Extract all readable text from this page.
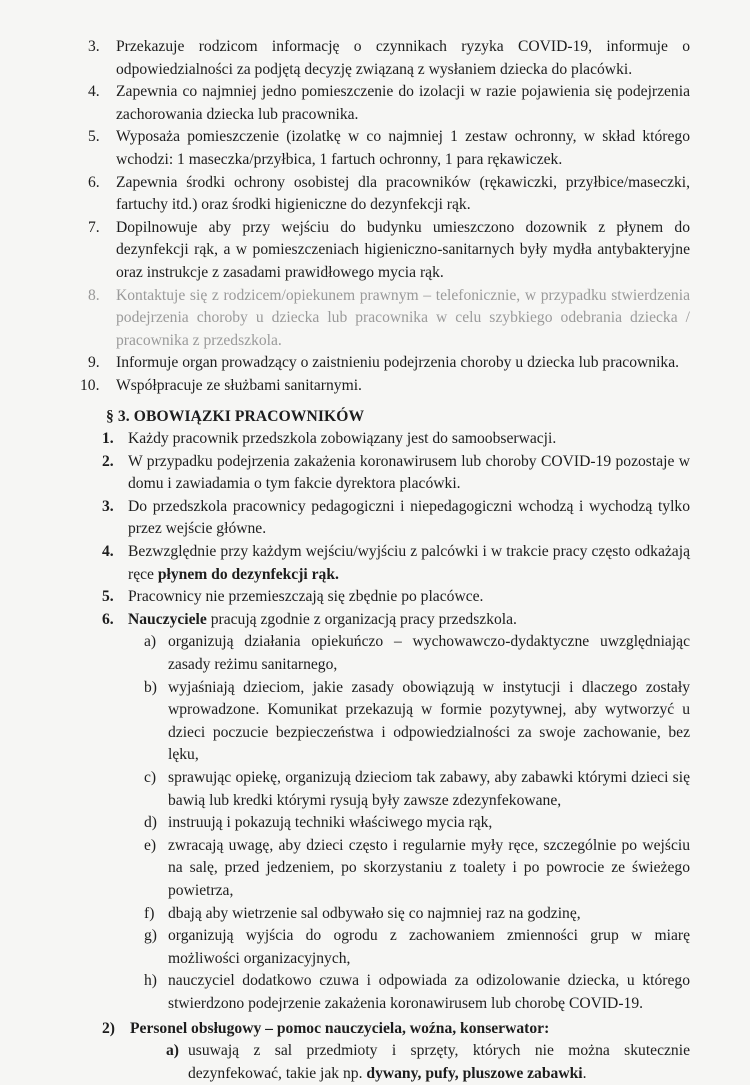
3.	Przekazuje rodzicom informację o czynnikach ryzyka COVID-19, informuje o odpowiedzialności za podjętą decyzję związaną z wysłaniem dziecka do placówki.
4.	Zapewnia co najmniej jedno pomieszczenie do izolacji w razie pojawienia się podejrzenia zachorowania dziecka lub pracownika.
5.	Wyposaża pomieszczenie (izolatkę w co najmniej 1 zestaw ochronny, w skład którego wchodzi: 1 maseczka/przyłbica, 1 fartuch ochronny, 1 para rękawiczek.
6.	Zapewnia środki ochrony osobistej dla pracowników (rękawiczki, przyłbice/maseczki, fartuchy itd.) oraz środki higieniczne do dezynfekcji rąk.
7.	Dopilnowuje aby przy wejściu do budynku umieszczono dozownik z płynem do dezynfekcji rąk, a w pomieszczeniach higieniczno-sanitarnych były mydła antybakteryjne oraz instrukcje z zasadami prawidłowego mycia rąk.
8.	Kontaktuje się z rodzicem/opiekunem prawnym – telefonicznie, w przypadku stwierdzenia podejrzenia choroby u dziecka lub pracownika w celu szybkiego odebrania dziecka / pracownika z przedszkola.
9.	Informuje organ prowadzący o zaistnieniu podejrzenia choroby u dziecka lub pracownika.
10.	Współpracuje ze służbami sanitarnymi.
§ 3. OBOWIĄZKI PRACOWNIKÓW
1. Każdy pracownik przedszkola zobowiązany jest do samoobserwacji.
2. W przypadku podejrzenia zakażenia koronawirusem lub choroby COVID-19 pozostaje w domu i zawiadamia o tym fakcie dyrektora placówki.
3. Do przedszkola pracownicy pedagogiczni i niepedagogiczni wchodzą i wychodzą tylko przez wejście główne.
4. Bezwzględnie przy każdym wejściu/wyjściu z palcówki i w trakcie pracy często odkażają ręce płynem do dezynfekcji rąk.
5. Pracownicy nie przemieszczają się zbędnie po placówce.
6. Nauczyciele pracują zgodnie z organizacją pracy przedszkola.
a) organizują działania opiekuńczo – wychowawczo-dydaktyczne uwzględniając zasady reżimu sanitarnego,
b) wyjaśniają dzieciom, jakie zasady obowiązują w instytucji i dlaczego zostały wprowadzone. Komunikat przekazują w formie pozytywnej, aby wytworzyć u dzieci poczucie bezpieczeństwa i odpowiedzialności za swoje zachowanie, bez lęku,
c) sprawując opiekę, organizują dzieciom tak zabawy, aby zabawki którymi dzieci się bawią lub kredki którymi rysują były zawsze zdezynfekowane,
d) instruują i pokazują techniki właściwego mycia rąk,
e) zwracają uwagę, aby dzieci często i regularnie myły ręce, szczególnie po wejściu na salę, przed jedzeniem, po skorzystaniu z toalety i po powrocie ze świeżego powietrza,
f) dbają aby wietrzenie sal odbywało się co najmniej raz na godzinę,
g) organizują wyjścia do ogrodu z zachowaniem zmienności grup w miarę możliwości organizacyjnych,
h) nauczyciel dodatkowo czuwa i odpowiada za odizolowanie dziecka, u którego stwierdzono podejrzenie zakażenia koronawirusem lub chorobę COVID-19.
2) Personel obsługowy – pomoc nauczyciela, woźna, konserwator:
a) usuwają z sal przedmioty i sprzęty, których nie można skutecznie dezynfekować, takie jak np. dywany, pufy, pluszowe zabawki.
